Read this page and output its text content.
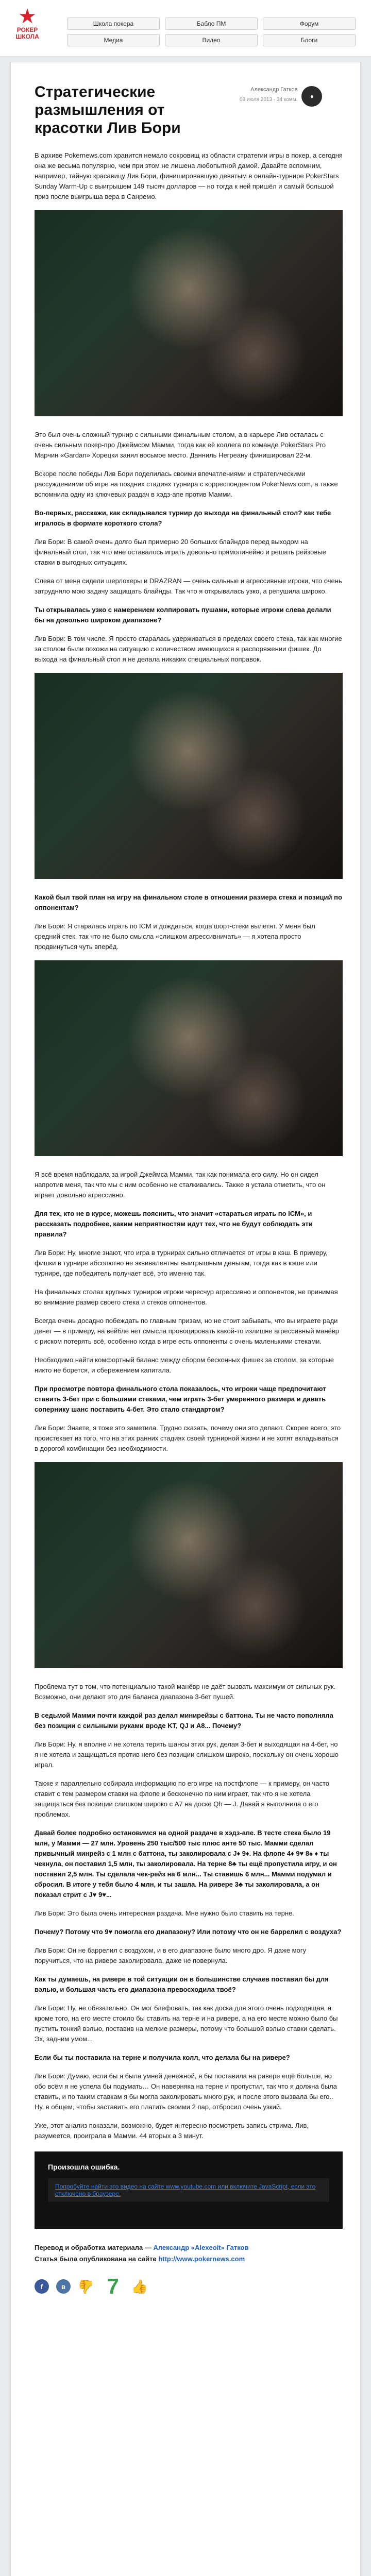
★
РОКЕР ШКОЛА
Школа покера	Бабло ПМ	Форум
Медиа	Видео	Блоги
Стратегические размышления от красотки Лив Бори
Александр Гатков
08 июля 2013 · 34 комм. ●

В архиве Pokernews.com хранится немало сокровищ из области стратегии игры в покер, а сегодня она же весьма популярно, чем при этом не лишена любопытной дамой. Давайте вспомним, например, тайную красавицу Лив Бори, финишировавшую девятым в онлайн-турнире PokerStars Sunday Warm-Up с выигрышем 149 тысяч долларов — но тогда к ней пришёл и самый большой приз после выигрыша вера в Санремо.

Это был очень сложный турнир с сильными финальным столом, а в карьере Лив осталась с очень сильным покер-про Джеймсом Мамми, тогда как её коллега по команде PokerStars Pro Марчин «Gardan» Хорецки занял восьмое место. Данниль Негреану финишировал 22-м.

Вскоре после победы Лив Бори поделилась своими впечатлениями и стратегическими рассуждениями об игре на поздних стадиях турнира с корреспондентом PokerNews.com, а также вспомнила одну из ключевых раздач в хэдз-апе против Мамми.

Во-первых, расскажи, как складывался турнир до выхода на финальный стол? как тебе игралось в формате короткого стола?

Лив Бори: В самой очень долго был примерно 20 больших блайндов перед выходом на финальный стол, так что мне оставалось играть довольно прямолинейно и решать рейзовые ставки в выгодных ситуациях.

Слева от меня сидели шерлохеры и DRAZRAN — очень сильные и агрессивные игроки, что очень затрудняло мою задачу защищать блайнды. Так что я открывалась узко, а репушила широко.

Ты открывалась узко с намерением колпировать пушами, которые игроки слева делали бы на довольно широком диапазоне?

Лив Бори: В том числе. Я просто старалась удерживаться в пределах своего стека, так как многие за столом были похожи на ситуацию с количеством имеющихся в распоряжении фишек. До выхода на финальный стол я не делала никаких специальных поправок.

Какой был твой план на игру на финальном столе в отношении размера стека и позиций по оппонентам?

Лив Бори: Я старалась играть по ICM и дождаться, когда шорт-стеки вылетят. У меня был средний стек, так что не было смысла «слишком агрессивничать» — я хотела просто продвинуться чуть вперёд.

Я всё время наблюдала за игрой Джеймса Мамми, так как понимала его силу. Но он сидел напротив меня, так что мы с ним особенно не сталкивались. Также я устала отметить, что он играет довольно агрессивно.

Для тех, кто не в курсе, можешь пояснить, что значит «стараться играть по ICM», и рассказать подробнее, каким неприятностям идут тех, что не будут соблюдать эти правила?

Лив Бори: Ну, многие знают, что игра в турнирах сильно отличается от игры в кэш. В примеру, фишки в турнире абсолютно не эквивалентны выигрышным деньгам, тогда как в кэше или турнире, где победитель получает всё, это именно так.

На финальных столах крупных турниров игроки чересчур агрессивно и оппонентов, не принимая во внимание размер своего стека и стеков оппонентов.

Всегда очень досадно побеждать по главным призам, но не стоит забывать, что вы играете ради денег — в примеру, на вейбле нет смысла провоцировать какой-то излишне агрессивный манёвр с риском потерять всё, особенно когда в игре есть оппоненты с очень маленькими стеками.

Необходимо найти комфортный баланс между сбором бесконных фишек за столом, за которые никто не борется, и сбережением капитала.

При просмотре повтора финального стола показалось, что игроки чаще предпочитают ставить 3-бет при с большими стеками, чем играть 3-бет умеренного размера и давать сопернику шанс поставить 4-бет. Это стало стандартом?

Лив Бори: Знаете, я тоже это заметила. Трудно сказать, почему они это делают. Скорее всего, это проистекает из того, что на этих ранних стадиях своей турнирной жизни и не хотят вкладываться в дорогой комбинации без необходимости.

Проблема тут в том, что потенциально такой манёвр не даёт вызвать максимум от сильных рук. Возможно, они делают это для баланса диапазона 3-бет пушей.

В седьмой Мамми почти каждой раз делал минирейзы с баттона. Ты не часто пополняла без позиции с сильными руками вроде KT, QJ и A8... Почему?

Лив Бори: Ну, я вполне и не хотела терять шансы этих рук, делая 3-бет и выходящая на 4-бет, но я не хотела и защищаться против него без позиции слишком широко, поскольку он очень хорошо играл.

Также я параллельно собирала информацию по его игре на постфлопе — к примеру, он часто ставит с тем размером ставки на флопе и бесконечно по ним играет, так что я не хотела защищаться без позиции слишком широко с A7 на доске Qh — J. Давай я выполнила о его проблемах.

Давай более подробно остановимся на одной раздаче в хэдз-апе. В тесте стека было 19 млн, у Мамми — 27 млн. Уровень 250 тыс/500 тыс плюс анте 50 тыс. Мамми сделал привычный минрейз с 1 млн с баттона, ты заколировала с J♦ 9♦. На флопе 4♦ 9♥ 8♠ ♦ ты чекнула, он поставил 1,5 млн, ты заколировала. На терне 8♣ ты ещё пропустила игру, и он поставил 2,5 млн. Ты сделала чек-рейз на 6 млн... Ты ставишь 6 млн... Мамми подумал и сбросил. В итоге у тебя было 4 млн, и ты зашла. На ривере 3♣ ты заколировала, а он показал стрит с J♥ 9♥...

Лив Бори: Это была очень интересная раздача. Мне нужно было ставить на терне.

Почему? Потому что 9♥ помогла его диапазону? Или потому что он не баррелил с воздуха?

Лив Бори: Он не баррелил с воздухом, и в его диапазоне было много дро. Я даже могу поручиться, что на ривере заколировала, даже не повернула.

Как ты думаешь, на ривере в той ситуации он в большинстве случаев поставил бы для вэлью, и большая часть его диапазона превосходила твоё?

Лив Бори: Ну, не обязательно. Он мог блефовать, так как доска для этого очень подходящая, а кроме того, на его месте стоило бы ставить на терне и на ривере, а на его месте можно было бы пустить тонкий вэлью, поставив на мелкие размеры, потому что большой вэлью ставки сделать. Эх, задним умом...

Если бы ты поставила на терне и получила колл, что делала бы на ривере?

Лив Бори: Думаю, если бы я была умней денежной, я бы поставила на ривере ещё больше, но обо всём я не успела бы подумать… Он наверняка на терне и пропустил, так что я должна была ставить, и по таким ставкам я бы могла заколировать много рук, и после этого вызвала бы его.. Ну, в общем, чтобы заставить его платить своими 2 пар, отбросил очень узкий.

Уже, этот анализ показали, возможно, будет интересно посмотреть запись стрима. Лив, разумеется, проиграла в Мамми. 44 вторых а 3 минут.

Произошла ошибка.
Попробуйте найти это видео на сайте www.youtube.com или включите JavaScript, если это отключено в браузере.
Перевод и обработка материала — Александр «Alexeoit» Гатков
Статья была опубликована на сайте http://www.pokernews.com
f	в 👍 7 👍
